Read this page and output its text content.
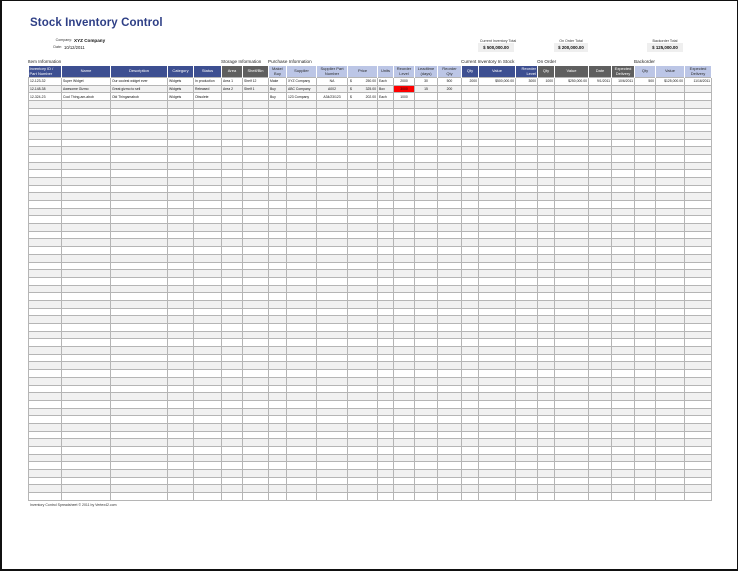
Stock Inventory Control
Company: XYZ Company
Date: 10/12/2011
Current Inventory Total
$ 500,000.00
On Order Total
$ 200,000.00
Backorder Total
$ 125,000.00
Item Information	Storage Information Purchase Information	Current Inventory In Stock	On Order	Backorder
Inventory ID / Part Number	Name	Description	Category	Status	Area	Shelf/Bin	Make/ Buy	Supplier	Supplier Part Number	Price	Units	Reorder Level	Leadtime (days)	Reorder Qty	Qty	Value	Reorder Level	Qty	Value	Date	Expected Delivery	Qty	Value	Expected Delivery
12-123-32	Super Widget	Our coolest widget ever	Widgets	In production	Area 1	Shelf 12	Make	XYZ Company	NA	$ 250.00	Each	2000	30	500	2000	$500,000.00	3000	1000	$250,000.00	9/1/2011	10/6/2011	500	$125,000.00	11/16/2011
12-148-38	Awesome Gizmo	Great gizmo to sell	Widgets	Released	Area 2	Shelf 1	Buy	ABC Company	A002	$ 325.00	Box	3000	15	200										
12-324-23	Cool Thing-am-abob	Old Thingamabob	Widgets	Obsolete			Buy	123 Company	A34/23/123	$ 202.00	Each	1000												

Inventory Control Spreadsheet © 2011 by Vertex42.com
